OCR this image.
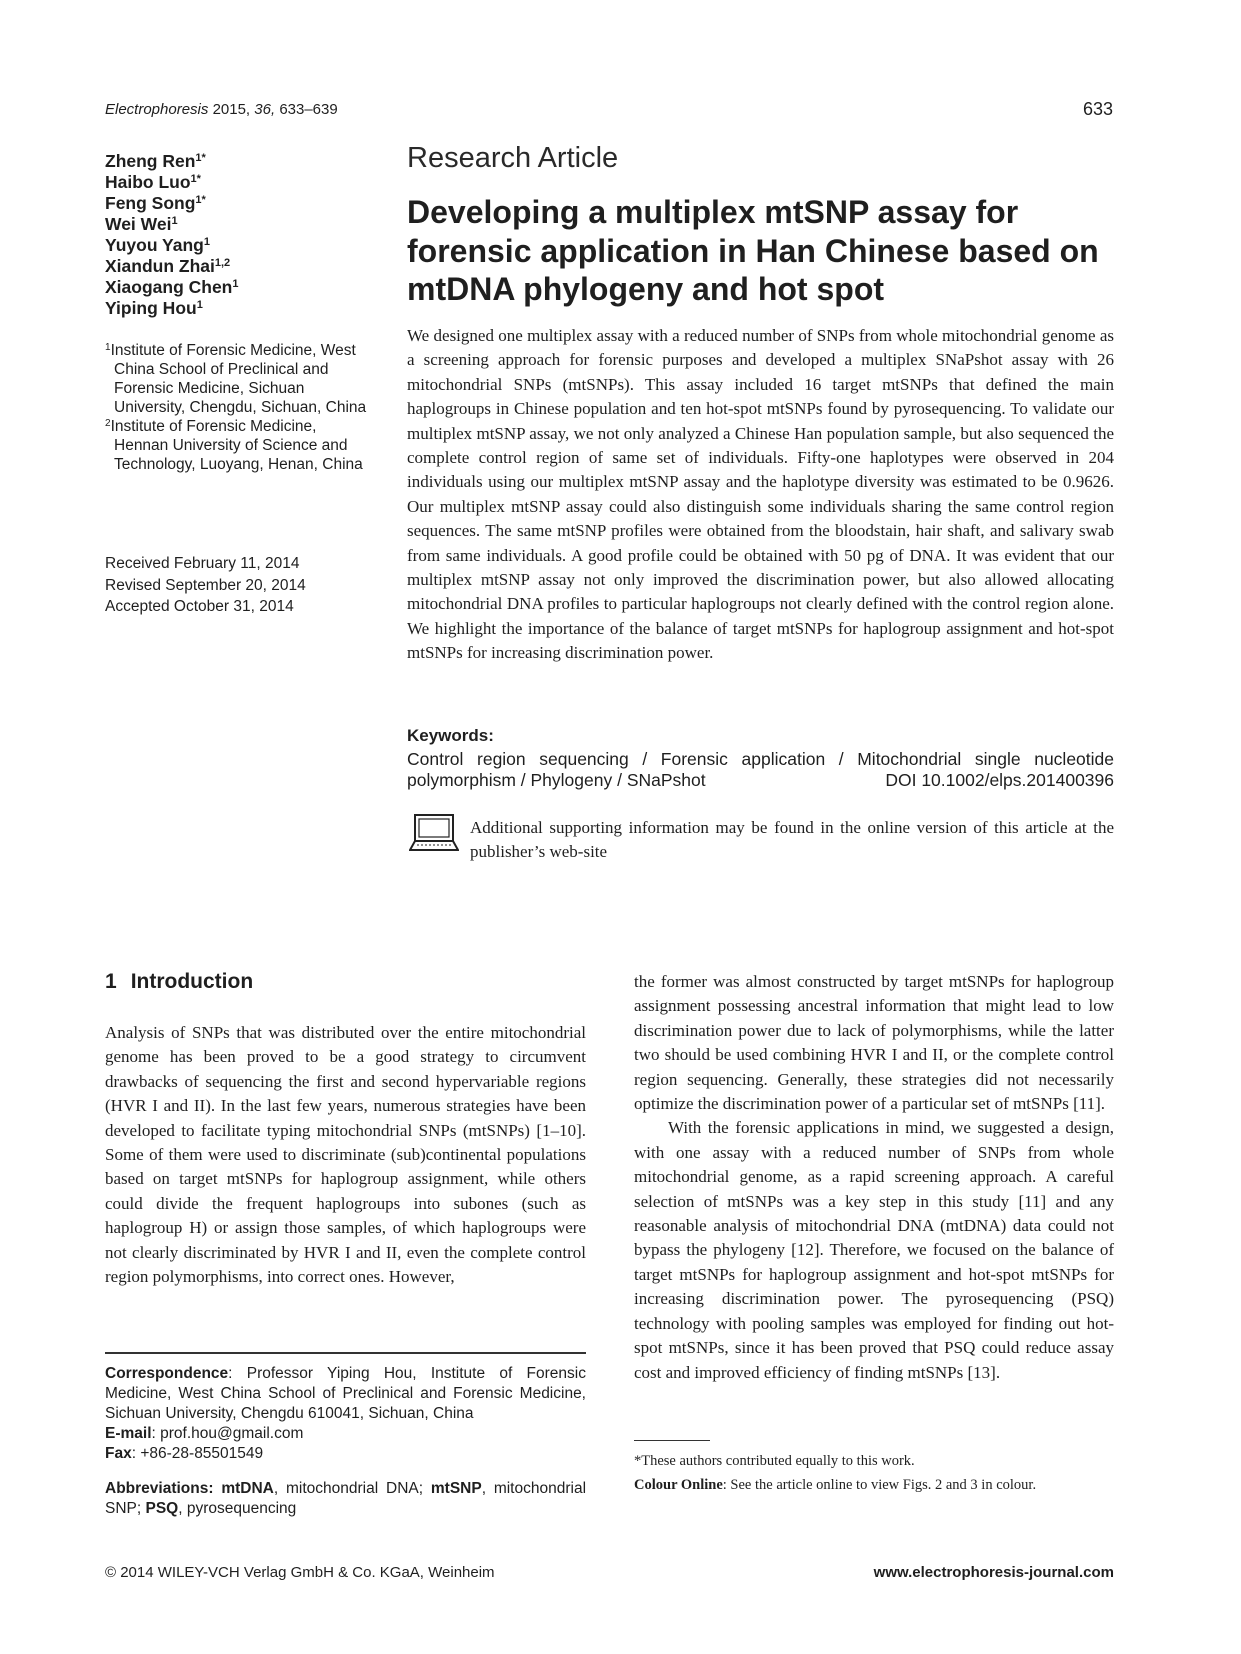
Electrophoresis 2015, 36, 633–639	633
Zheng Ren$^{1*}$
Haibo Luo$^{1*}$
Feng Song$^{1*}$
Wei Wei$^1$
Yuyou Yang$^1$
Xiandun Zhai$^{1,2}$
Xiaogang Chen$^1$
Yiping Hou$^1$
$^1$Institute of Forensic Medicine, West China School of Preclinical and Forensic Medicine, Sichuan University, Chengdu, Sichuan, China
$^2$Institute of Forensic Medicine, Hennan University of Science and Technology, Luoyang, Henan, China
Received February 11, 2014
Revised September 20, 2014
Accepted October 31, 2014
Research Article
Developing a multiplex mtSNP assay for forensic application in Han Chinese based on mtDNA phylogeny and hot spot
We designed one multiplex assay with a reduced number of SNPs from whole mitochondrial genome as a screening approach for forensic purposes and developed a multiplex SNaPshot assay with 26 mitochondrial SNPs (mtSNPs). This assay included 16 target mtSNPs that defined the main haplogroups in Chinese population and ten hot-spot mtSNPs found by pyrosequencing. To validate our multiplex mtSNP assay, we not only analyzed a Chinese Han population sample, but also sequenced the complete control region of same set of individuals. Fifty-one haplotypes were observed in 204 individuals using our multiplex mtSNP assay and the haplotype diversity was estimated to be 0.9626. Our multiplex mtSNP assay could also distinguish some individuals sharing the same control region sequences. The same mtSNP profiles were obtained from the bloodstain, hair shaft, and salivary swab from same individuals. A good profile could be obtained with 50 pg of DNA. It was evident that our multiplex mtSNP assay not only improved the discrimination power, but also allowed allocating mitochondrial DNA profiles to particular haplogroups not clearly defined with the control region alone. We highlight the importance of the balance of target mtSNPs for haplogroup assignment and hot-spot mtSNPs for increasing discrimination power.
Keywords:
Control region sequencing / Forensic application / Mitochondrial single nucleotide polymorphism / Phylogeny / SNaPshot	DOI 10.1002/elps.201400396
Additional supporting information may be found in the online version of this article at the publisher’s web-site
1 Introduction

Analysis of SNPs that was distributed over the entire mitochondrial genome has been proved to be a good strategy to circumvent drawbacks of sequencing the first and second hypervariable regions (HVR I and II). In the last few years, numerous strategies have been developed to facilitate typing mitochondrial SNPs (mtSNPs) [1–10]. Some of them were used to discriminate (sub)continental populations based on target mtSNPs for haplogroup assignment, while others could divide the frequent haplogroups into subones (such as haplogroup H) or assign those samples, of which haplogroups were not clearly discriminated by HVR I and II, even the complete control region polymorphisms, into correct ones. However,

the former was almost constructed by target mtSNPs for haplogroup assignment possessing ancestral information that might lead to low discrimination power due to lack of polymorphisms, while the latter two should be used combining HVR I and II, or the complete control region sequencing. Generally, these strategies did not necessarily optimize the discrimination power of a particular set of mtSNPs [11].

With the forensic applications in mind, we suggested a design, with one assay with a reduced number of SNPs from whole mitochondrial genome, as a rapid screening approach. A careful selection of mtSNPs was a key step in this study [11] and any reasonable analysis of mitochondrial DNA (mtDNA) data could not bypass the phylogeny [12]. Therefore, we focused on the balance of target mtSNPs for haplogroup assignment and hot-spot mtSNPs for increasing discrimination power. The pyrosequencing (PSQ) technology with pooling samples was employed for finding out hot-spot mtSNPs, since it has been proved that PSQ could reduce assay cost and improved efficiency of finding mtSNPs [13].

Correspondence: Professor Yiping Hou, Institute of Forensic Medicine, West China School of Preclinical and Forensic Medicine, Sichuan University, Chengdu 610041, Sichuan, China
E-mail: prof.hou@gmail.com
Fax: +86-28-85501549
Abbreviations: mtDNA, mitochondrial DNA; mtSNP, mitochondrial SNP; PSQ, pyrosequencing
*These authors contributed equally to this work.
Colour Online: See the article online to view Figs. 2 and 3 in colour.
© 2014 WILEY-VCH Verlag GmbH & Co. KGaA, Weinheim	www.electrophoresis-journal.com
